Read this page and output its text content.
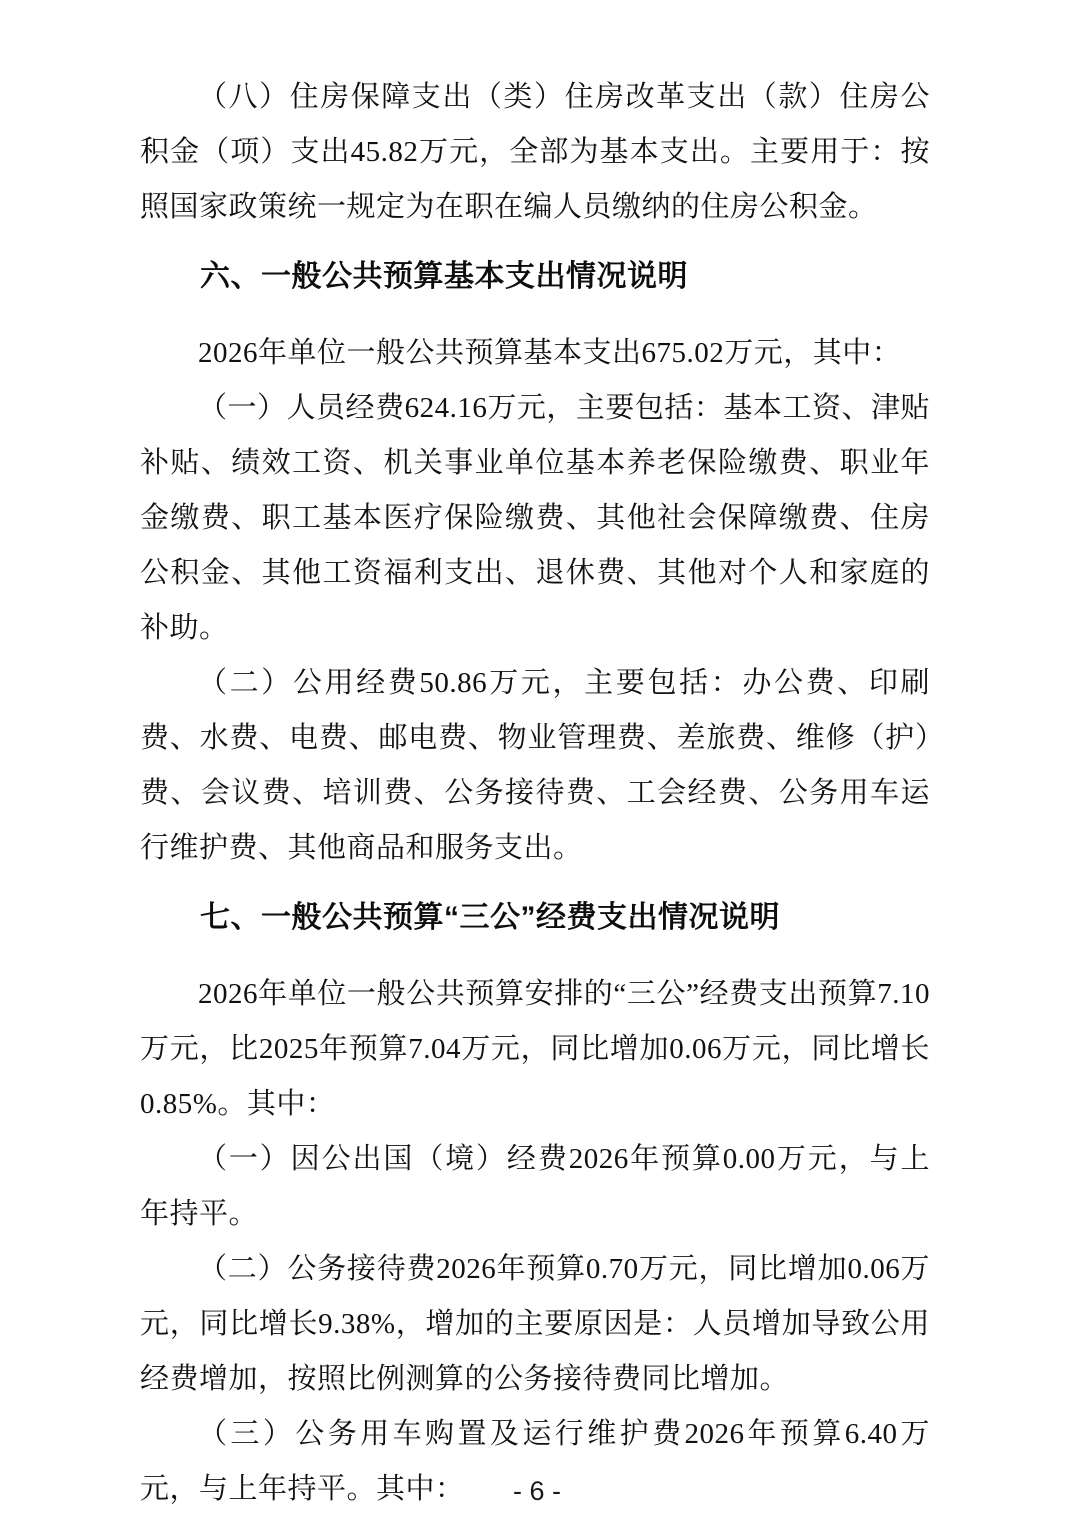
（八）住房保障支出（类）住房改革支出（款）住房公积金（项）支出45.82万元，全部为基本支出。主要用于：按照国家政策统一规定为在职在编人员缴纳的住房公积金。

六、一般公共预算基本支出情况说明

2026年单位一般公共预算基本支出675.02万元，其中：

（一）人员经费624.16万元，主要包括：基本工资、津贴补贴、绩效工资、机关事业单位基本养老保险缴费、职业年金缴费、职工基本医疗保险缴费、其他社会保障缴费、住房公积金、其他工资福利支出、退休费、其他对个人和家庭的补助。

（二）公用经费50.86万元，主要包括：办公费、印刷费、水费、电费、邮电费、物业管理费、差旅费、维修（护）费、会议费、培训费、公务接待费、工会经费、公务用车运行维护费、其他商品和服务支出。

七、一般公共预算“三公”经费支出情况说明

2026年单位一般公共预算安排的“三公”经费支出预算7.10万元，比2025年预算7.04万元，同比增加0.06万元，同比增长0.85%。其中：

（一）因公出国（境）经费2026年预算0.00万元，与上年持平。

（二）公务接待费2026年预算0.70万元，同比增加0.06万元，同比增长9.38%，增加的主要原因是：人员增加导致公用经费增加，按照比例测算的公务接待费同比增加。

（三）公务用车购置及运行维护费2026年预算6.40万元，与上年持平。其中：	- 6 -
